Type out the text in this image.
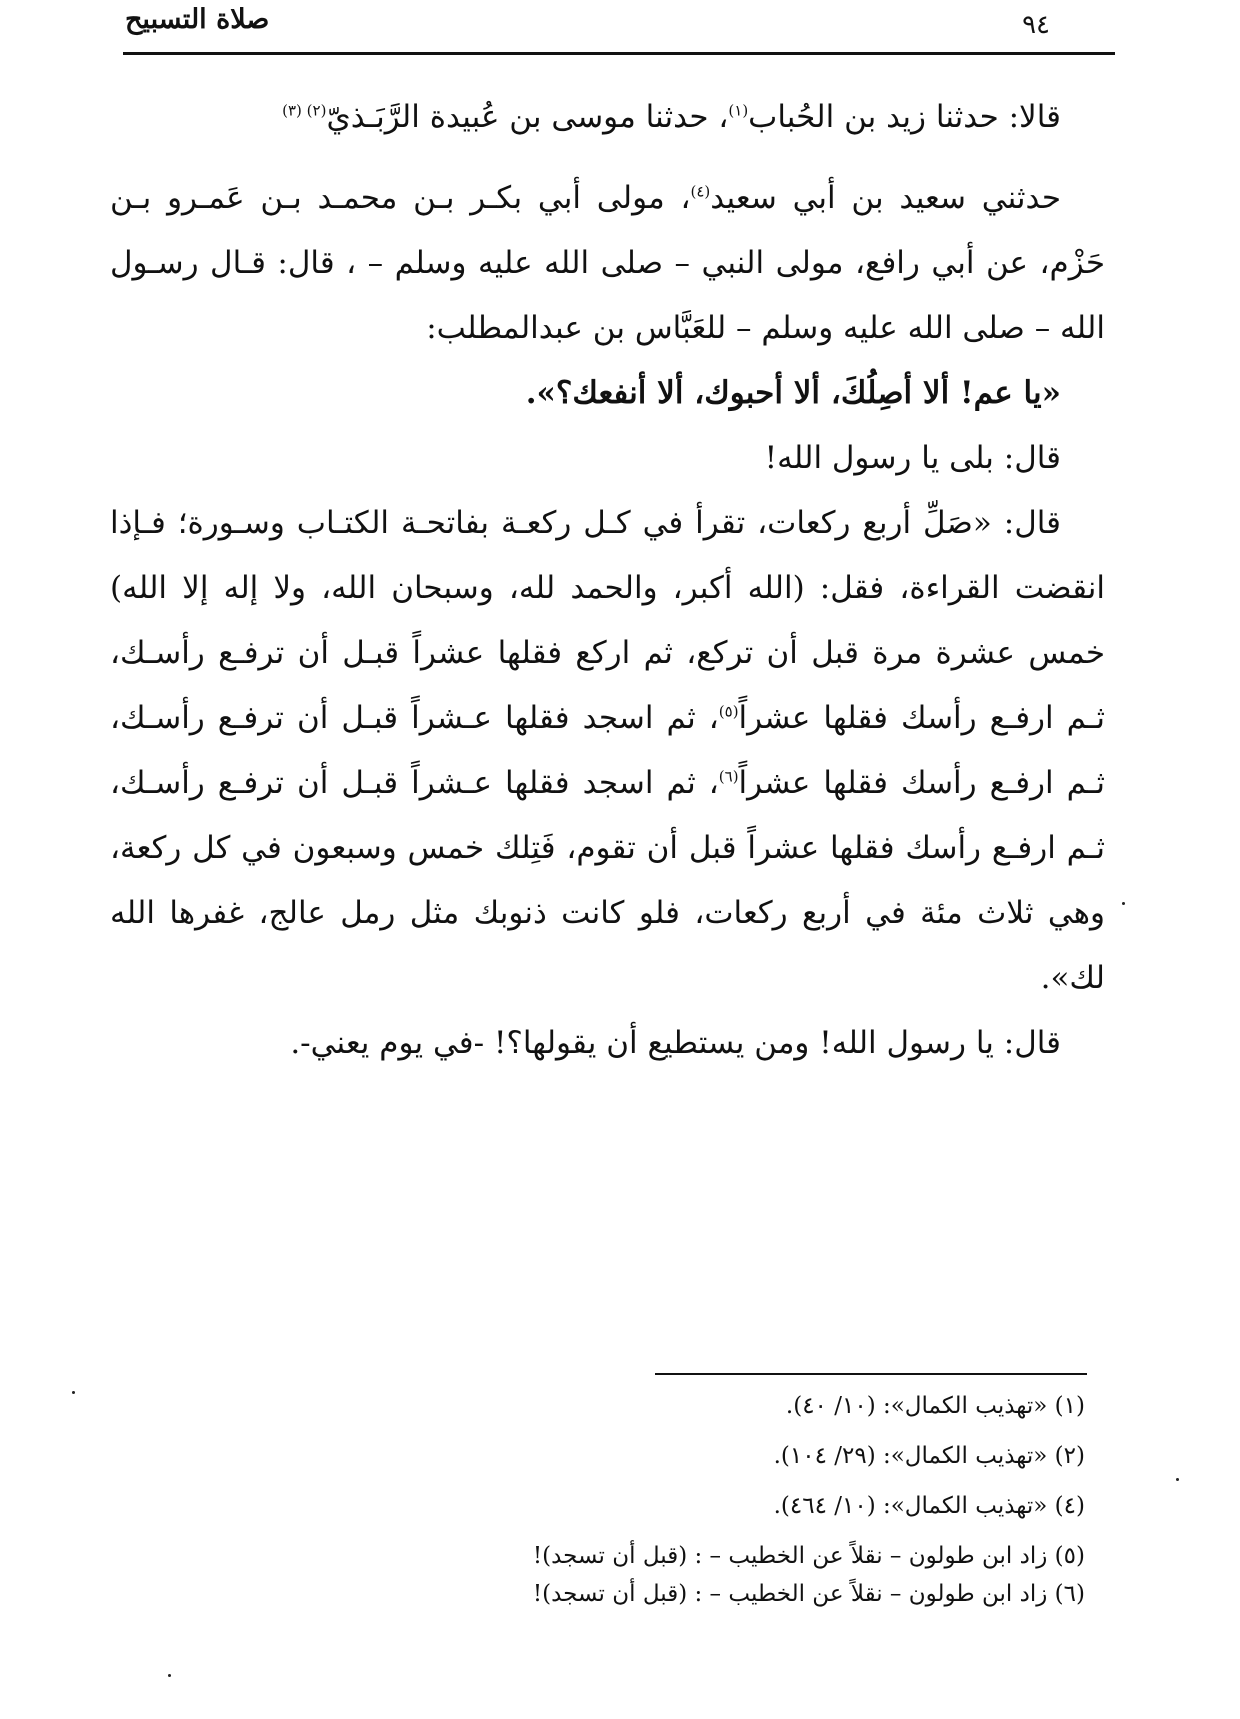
صلاة التسبيح	٩٤

قالا: حدثنا زيد بن الحُباب$^{(١)}$، حدثنا موسى بن عُبيدة الرَّبَـذيّ$^{(٢) (٣)}$

حدثني سعيد بن أبي سعيد$^{(٤)}$، مولى أبي بكـر بـن محمـد بـن عَمـرو بـن حَزْم، عن أبي رافع، مولى النبي – صلى الله عليه وسلم – ، قال: قـال رسـول الله – صلى الله عليه وسلم – للعَبَّاس بن عبدالمطلب:

«يا عم! ألا أصِلُكَ، ألا أحبوك، ألا أنفعك؟».

قال: بلى يا رسول الله!

قال: «صَلِّ أربع ركعات، تقرأ في كـل ركعـة بفاتحـة الكتـاب وسـورة؛ فـإذا انقضت القراءة، فقل: (الله أكبر، والحمد لله، وسبحان الله، ولا إله إلا الله) خمس عشرة مرة قبل أن تركع، ثم اركع فقلها عشراً قبـل أن ترفـع رأسـك، ثـم ارفـع رأسك فقلها عشراً$^{(٥)}$، ثم اسجد فقلها عـشراً قبـل أن ترفـع رأسـك، ثـم ارفـع رأسك فقلها عشراً$^{(٦)}$، ثم اسجد فقلها عـشراً قبـل أن ترفـع رأسـك، ثـم ارفـع رأسك فقلها عشراً قبل أن تقوم، فَتِلك خمس وسبعون في كل ركعة، وهي ثلاث مئة في أربع ركعات، فلو كانت ذنوبك مثل رمل عالج، غفرها الله لك».

قال: يا رسول الله! ومن يستطيع أن يقولها؟! -في يوم يعني-.

(١) «تهذيب الكمال»: (١٠/ ٤٠).

(٢) «تهذيب الكمال»: (٢٩/ ١٠٤).

(٤) «تهذيب الكمال»: (١٠/ ٤٦٤).

(٥) زاد ابن طولون – نقلاً عن الخطيب – : (قبل أن تسجد)!

(٦) زاد ابن طولون – نقلاً عن الخطيب – : (قبل أن تسجد)!
